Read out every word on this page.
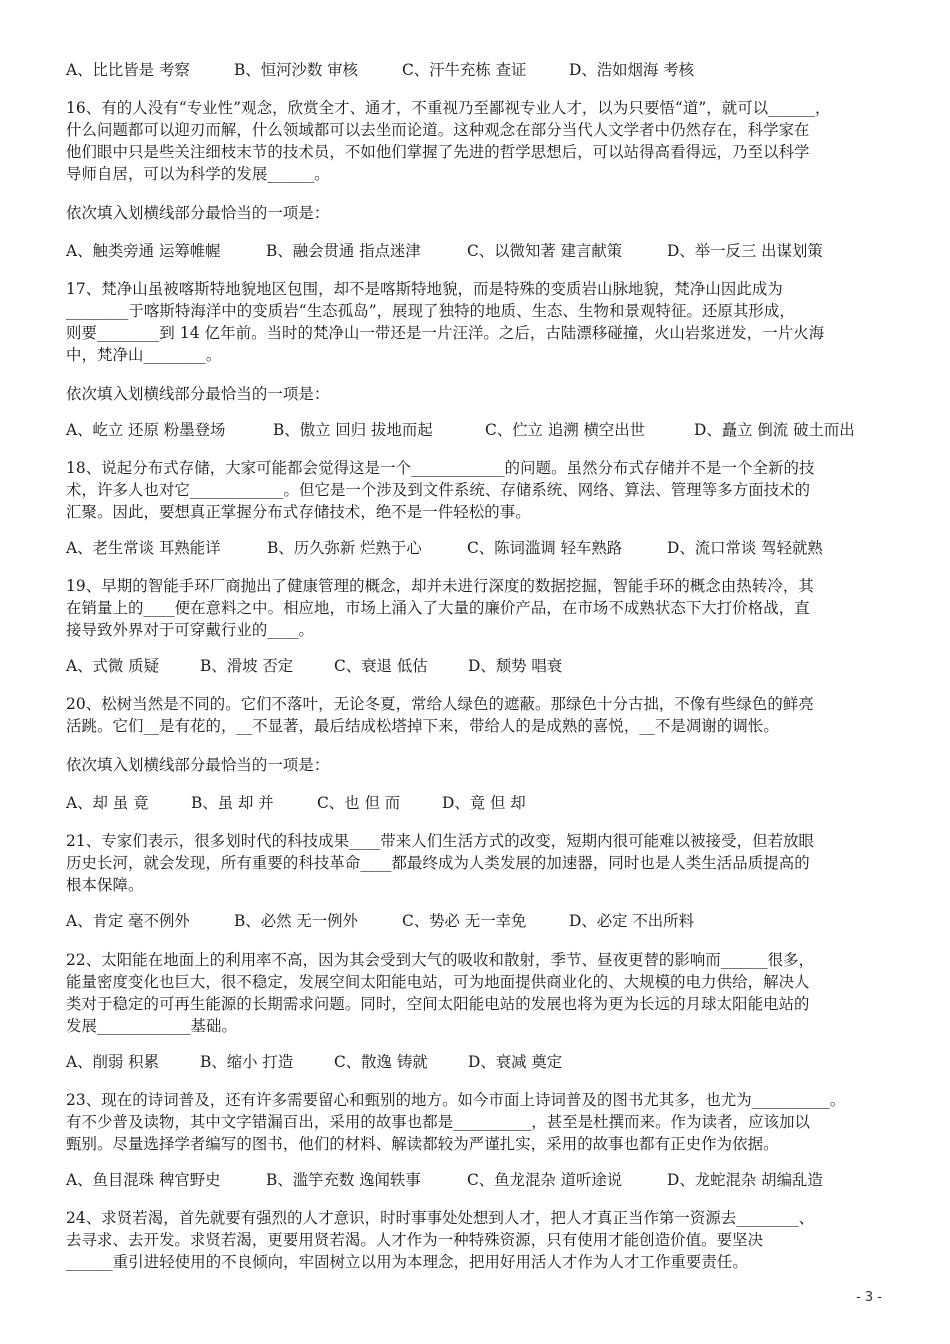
A、比比皆是 考察	B、恒河沙数 审核	C、汗牛充栋 查证	D、浩如烟海 考核
16、有的人没有“专业性”观念，欣赏全才、通才，不重视乃至鄙视专业人才，以为只要悟“道”，就可以______，
什么问题都可以迎刃而解，什么领域都可以去坐而论道。这种观念在部分当代人文学者中仍然存在，科学家在
他们眼中只是些关注细枝末节的技术员，不如他们掌握了先进的哲学思想后，可以站得高看得远，乃至以科学
导师自居，可以为科学的发展______。
依次填入划横线部分最恰当的一项是：
A、触类旁通 运筹帷幄	B、融会贯通 指点迷津	C、以微知著 建言献策	D、举一反三 出谋划策
17、梵净山虽被喀斯特地貌地区包围，却不是喀斯特地貌，而是特殊的变质岩山脉地貌，梵净山因此成为
________于喀斯特海洋中的变质岩“生态孤岛”，展现了独特的地质、生态、生物和景观特征。还原其形成，
则要________到 14 亿年前。当时的梵净山一带还是一片汪洋。之后，古陆漂移碰撞，火山岩浆迸发，一片火海
中，梵净山________。
依次填入划横线部分最恰当的一项是：
A、屹立 还原 粉墨登场	B、傲立 回归 拔地而起	C、伫立 追溯 横空出世	D、矗立 倒流 破土而出
18、说起分布式存储，大家可能都会觉得这是一个____________的问题。虽然分布式存储并不是一个全新的技
术，许多人也对它____________。但它是一个涉及到文件系统、存储系统、网络、算法、管理等多方面技术的
汇聚。因此，要想真正掌握分布式存储技术，绝不是一件轻松的事。
A、老生常谈 耳熟能详	B、历久弥新 烂熟于心	C、陈词滥调 轻车熟路	D、流口常谈 驾轻就熟
19、早期的智能手环厂商抛出了健康管理的概念，却并未进行深度的数据挖掘，智能手环的概念由热转冷，其
在销量上的____便在意料之中。相应地，市场上涌入了大量的廉价产品，在市场不成熟状态下大打价格战，直
接导致外界对于可穿戴行业的____。
A、式微 质疑	B、滑坡 否定	C、衰退 低估	D、颓势 唱衰
20、松树当然是不同的。它们不落叶，无论冬夏，常给人绿色的遮蔽。那绿色十分古拙，不像有些绿色的鲜亮
活跳。它们__是有花的，__不显著，最后结成松塔掉下来，带给人的是成熟的喜悦，__不是凋谢的调怅。
依次填入划横线部分最恰当的一项是：
A、却 虽 竟	B、虽 却 并	C、也 但 而	D、竟 但 却
21、专家们表示，很多划时代的科技成果____带来人们生活方式的改变，短期内很可能难以被接受，但若放眼
历史长河，就会发现，所有重要的科技革命____都最终成为人类发展的加速器，同时也是人类生活品质提高的
根本保障。
A、肯定 毫不例外	B、必然 无一例外	C、势必 无一幸免	D、必定 不出所料
22、太阳能在地面上的利用率不高，因为其会受到大气的吸收和散射，季节、昼夜更替的影响而______很多，
能量密度变化也巨大，很不稳定，发展空间太阳能电站，可为地面提供商业化的、大规模的电力供给，解决人
类对于稳定的可再生能源的长期需求问题。同时，空间太阳能电站的发展也将为更为长远的月球太阳能电站的
发展____________基础。
A、削弱 积累	B、缩小 打造	C、散逸 铸就	D、衰减 奠定
23、现在的诗词普及，还有许多需要留心和甄别的地方。如今市面上诗词普及的图书尤其多，也尤为__________。
有不少普及读物，其中文字错漏百出，采用的故事也都是__________，甚至是杜撰而来。作为读者，应该加以
甄别。尽量选择学者编写的图书，他们的材料、解读都较为严谨扎实，采用的故事也都有正史作为依据。
A、鱼目混珠 稗官野史	B、滥竽充数 逸闻轶事	C、鱼龙混杂 道听途说	D、龙蛇混杂 胡编乱造
24、求贤若渴，首先就要有强烈的人才意识，时时事事处处想到人才，把人才真正当作第一资源去________、
去寻求、去开发。求贤若渴，更要用贤若渴。人才作为一种特殊资源，只有使用才能创造价值。要坚决
______重引进轻使用的不良倾向，牢固树立以用为本理念，把用好用活人才作为人才工作重要责任。
- 3 -
